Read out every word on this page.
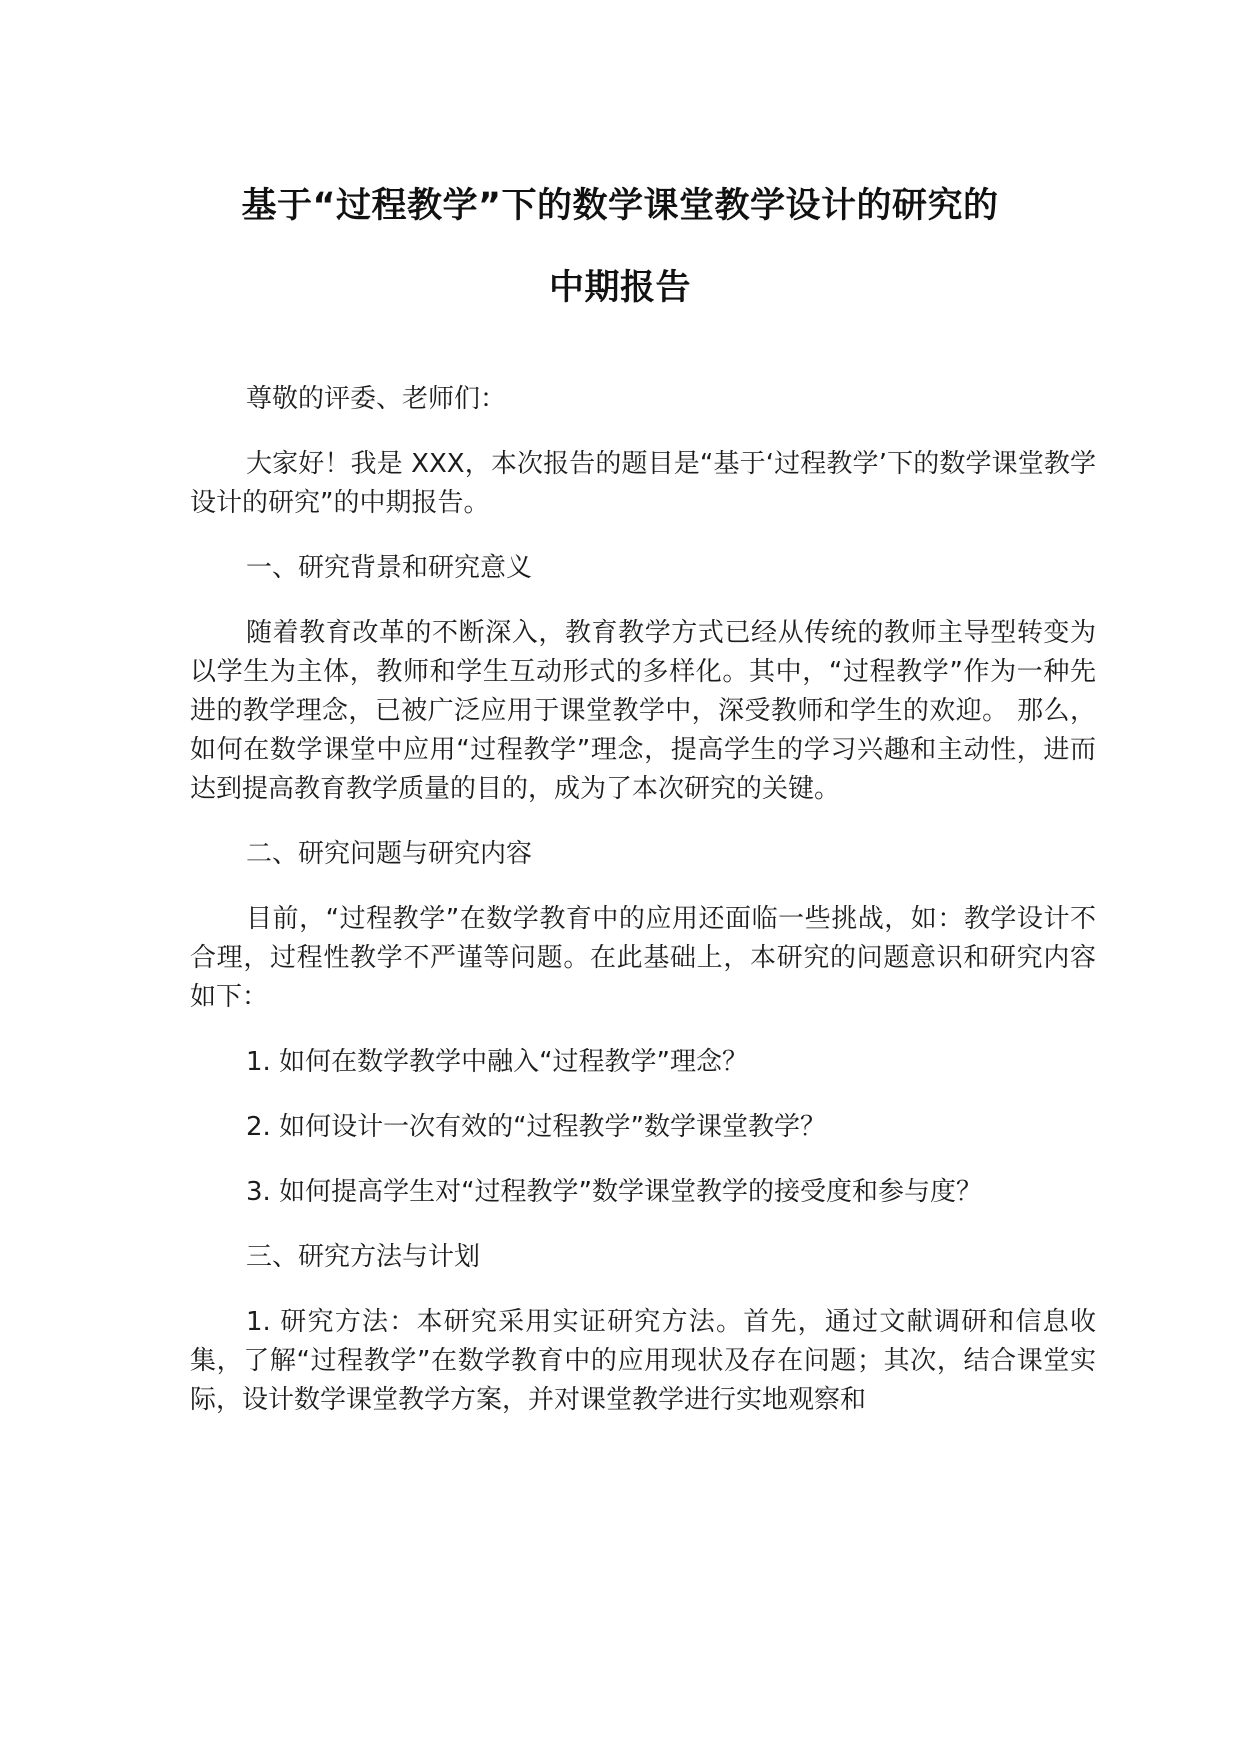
基于“过程教学”下的数学课堂教学设计的研究的
中期报告

尊敬的评委、老师们：

大家好！我是 XXX，本次报告的题目是“基于‘过程教学’下的数学课堂教学设计的研究”的中期报告。

一、研究背景和研究意义

随着教育改革的不断深入，教育教学方式已经从传统的教师主导型转变为以学生为主体，教师和学生互动形式的多样化。其中，“过程教学”作为一种先进的教学理念，已被广泛应用于课堂教学中，深受教师和学生的欢迎。 那么，如何在数学课堂中应用“过程教学”理念，提高学生的学习兴趣和主动性，进而达到提高教育教学质量的目的，成为了本次研究的关键。

二、研究问题与研究内容

目前，“过程教学”在数学教育中的应用还面临一些挑战，如：教学设计不合理，过程性教学不严谨等问题。在此基础上，本研究的问题意识和研究内容如下：

1. 如何在数学教学中融入“过程教学”理念？

2. 如何设计一次有效的“过程教学”数学课堂教学？

3. 如何提高学生对“过程教学”数学课堂教学的接受度和参与度？

三、研究方法与计划

1. 研究方法：本研究采用实证研究方法。首先，通过文献调研和信息收集，了解“过程教学”在数学教育中的应用现状及存在问题；其次，结合课堂实际，设计数学课堂教学方案，并对课堂教学进行实地观察和
